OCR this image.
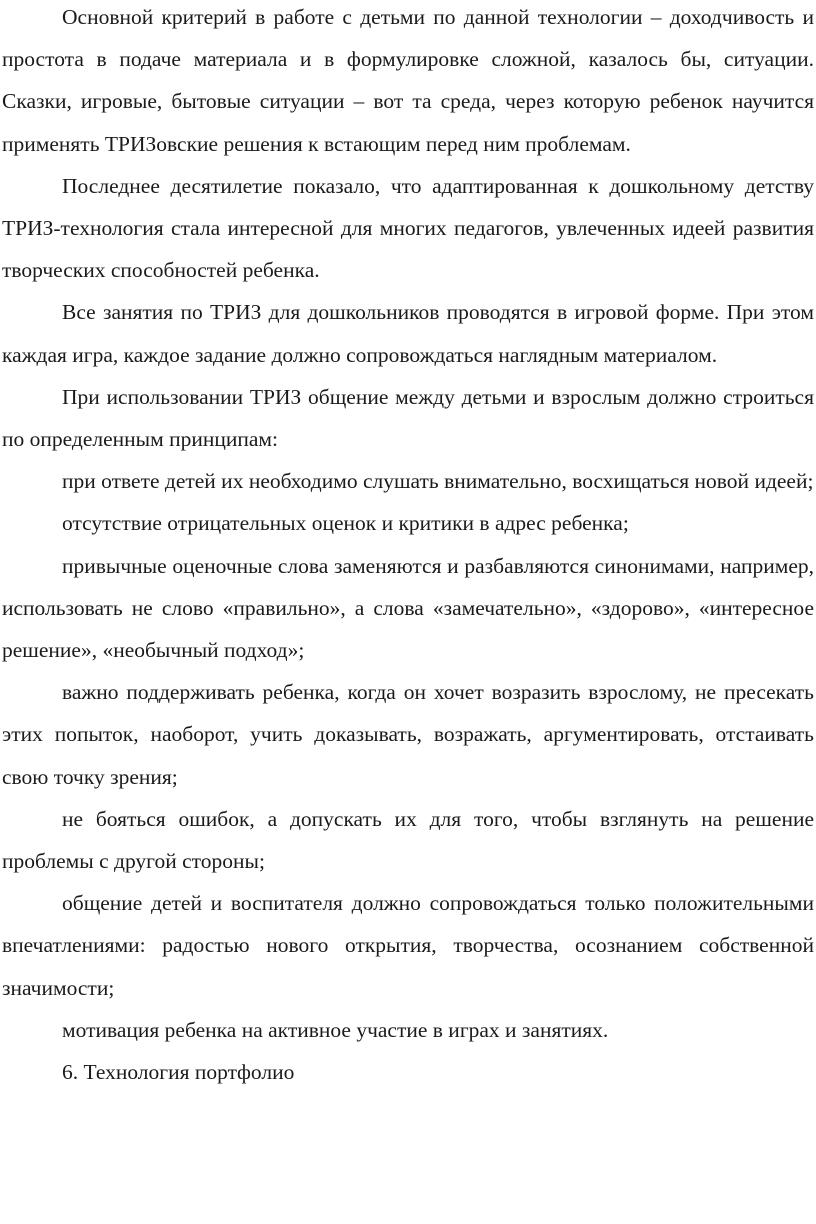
Основной критерий в работе с детьми по данной технологии – доходчивость и простота в подаче материала и в формулировке сложной, казалось бы, ситуации. Сказки, игровые, бытовые ситуации – вот та среда, через которую ребенок научится применять ТРИЗовские решения к встающим перед ним проблемам.

Последнее десятилетие показало, что адаптированная к дошкольному детству ТРИЗ-технология стала интересной для многих педагогов, увлеченных идеей развития творческих способностей ребенка.

Все занятия по ТРИЗ для дошкольников проводятся в игровой форме. При этом каждая игра, каждое задание должно сопровождаться наглядным материалом.

При использовании ТРИЗ общение между детьми и взрослым должно строиться по определенным принципам:

при ответе детей их необходимо слушать внимательно, восхищаться новой идеей;

отсутствие отрицательных оценок и критики в адрес ребенка;

привычные оценочные слова заменяются и разбавляются синонимами, например, использовать не слово «правильно», а слова «замечательно», «здорово», «интересное решение», «необычный подход»;

важно поддерживать ребенка, когда он хочет возразить взрослому, не пресекать этих попыток, наоборот, учить доказывать, возражать, аргументировать, отстаивать свою точку зрения;

не бояться ошибок, а допускать их для того, чтобы взглянуть на решение проблемы с другой стороны;

общение детей и воспитателя должно сопровождаться только положительными впечатлениями: радостью нового открытия, творчества, осознанием собственной значимости;

мотивация ребенка на активное участие в играх и занятиях.

6. Технология портфолио
